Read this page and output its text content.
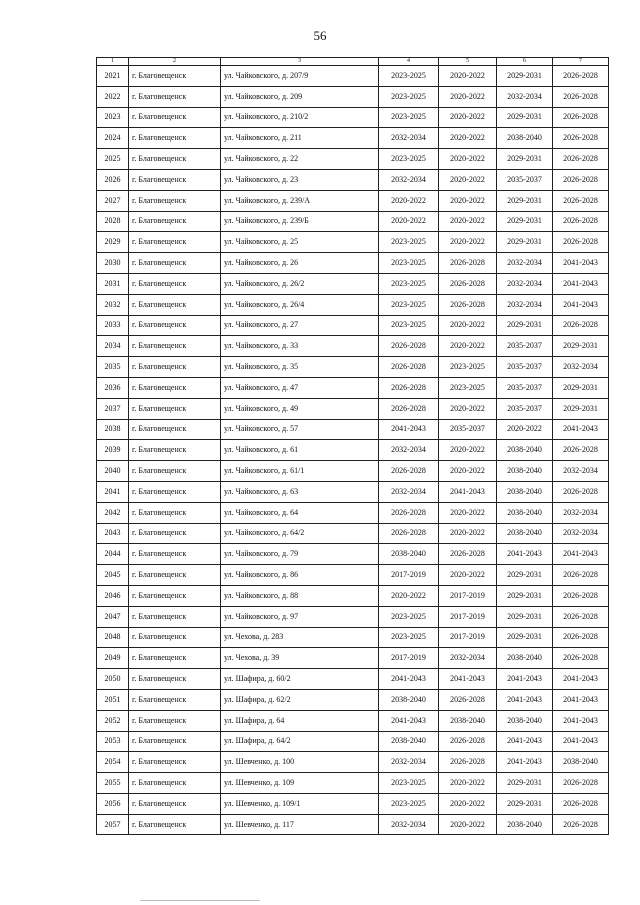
56
1	2	3	4	5	6	7
2021	г. Благовещенск	ул. Чайковского, д. 207/9	2023-2025	2020-2022	2029-2031	2026-2028
2022	г. Благовещенск	ул. Чайковского, д. 209	2023-2025	2020-2022	2032-2034	2026-2028
2023	г. Благовещенск	ул. Чайковского, д. 210/2	2023-2025	2020-2022	2029-2031	2026-2028
2024	г. Благовещенск	ул. Чайковского, д. 211	2032-2034	2020-2022	2038-2040	2026-2028
2025	г. Благовещенск	ул. Чайковского, д. 22	2023-2025	2020-2022	2029-2031	2026-2028
2026	г. Благовещенск	ул. Чайковского, д. 23	2032-2034	2020-2022	2035-2037	2026-2028
2027	г. Благовещенск	ул. Чайковского, д. 239/А	2020-2022	2020-2022	2029-2031	2026-2028
2028	г. Благовещенск	ул. Чайковского, д. 239/Б	2020-2022	2020-2022	2029-2031	2026-2028
2029	г. Благовещенск	ул. Чайковского, д. 25	2023-2025	2020-2022	2029-2031	2026-2028
2030	г. Благовещенск	ул. Чайковского, д. 26	2023-2025	2026-2028	2032-2034	2041-2043
2031	г. Благовещенск	ул. Чайковского, д. 26/2	2023-2025	2026-2028	2032-2034	2041-2043
2032	г. Благовещенск	ул. Чайковского, д. 26/4	2023-2025	2026-2028	2032-2034	2041-2043
2033	г. Благовещенск	ул. Чайковского, д. 27	2023-2025	2020-2022	2029-2031	2026-2028
2034	г. Благовещенск	ул. Чайковского, д. 33	2026-2028	2020-2022	2035-2037	2029-2031
2035	г. Благовещенск	ул. Чайковского, д. 35	2026-2028	2023-2025	2035-2037	2032-2034
2036	г. Благовещенск	ул. Чайковского, д. 47	2026-2028	2023-2025	2035-2037	2029-2031
2037	г. Благовещенск	ул. Чайковского, д. 49	2026-2028	2020-2022	2035-2037	2029-2031
2038	г. Благовещенск	ул. Чайковского, д. 57	2041-2043	2035-2037	2020-2022	2041-2043
2039	г. Благовещенск	ул. Чайковского, д. 61	2032-2034	2020-2022	2038-2040	2026-2028
2040	г. Благовещенск	ул. Чайковского, д. 61/1	2026-2028	2020-2022	2038-2040	2032-2034
2041	г. Благовещенск	ул. Чайковского, д. 63	2032-2034	2041-2043	2038-2040	2026-2028
2042	г. Благовещенск	ул. Чайковского, д. 64	2026-2028	2020-2022	2038-2040	2032-2034
2043	г. Благовещенск	ул. Чайковского, д. 64/2	2026-2028	2020-2022	2038-2040	2032-2034
2044	г. Благовещенск	ул. Чайковского, д. 79	2038-2040	2026-2028	2041-2043	2041-2043
2045	г. Благовещенск	ул. Чайковского, д. 86	2017-2019	2020-2022	2029-2031	2026-2028
2046	г. Благовещенск	ул. Чайковского, д. 88	2020-2022	2017-2019	2029-2031	2026-2028
2047	г. Благовещенск	ул. Чайковского, д. 97	2023-2025	2017-2019	2029-2031	2026-2028
2048	г. Благовещенск	ул. Чехова, д. 283	2023-2025	2017-2019	2029-2031	2026-2028
2049	г. Благовещенск	ул. Чехова, д. 39	2017-2019	2032-2034	2038-2040	2026-2028
2050	г. Благовещенск	ул. Шафира, д. 60/2	2041-2043	2041-2043	2041-2043	2041-2043
2051	г. Благовещенск	ул. Шафира, д. 62/2	2038-2040	2026-2028	2041-2043	2041-2043
2052	г. Благовещенск	ул. Шафира, д. 64	2041-2043	2038-2040	2038-2040	2041-2043
2053	г. Благовещенск	ул. Шафира, д. 64/2	2038-2040	2026-2028	2041-2043	2041-2043
2054	г. Благовещенск	ул. Шевченко, д. 100	2032-2034	2026-2028	2041-2043	2038-2040
2055	г. Благовещенск	ул. Шевченко, д. 109	2023-2025	2020-2022	2029-2031	2026-2028
2056	г. Благовещенск	ул. Шевченко, д. 109/1	2023-2025	2020-2022	2029-2031	2026-2028
2057	г. Благовещенск	ул. Шевченко, д. 117	2032-2034	2020-2022	2038-2040	2026-2028
